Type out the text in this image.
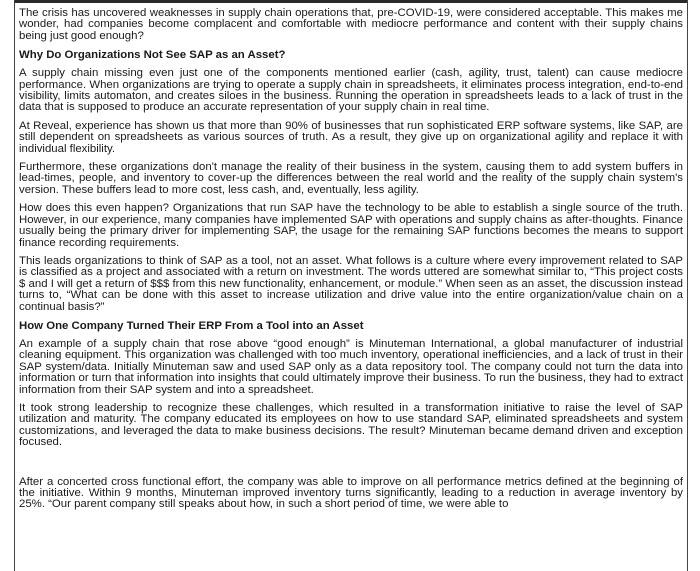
The crisis has uncovered weaknesses in supply chain operations that, pre-COVID-19, were considered acceptable. This makes me wonder, had companies become complacent and comfortable with mediocre performance and content with their supply chains being just good enough?

Why Do Organizations Not See SAP as an Asset?

A supply chain missing even just one of the components mentioned earlier (cash, agility, trust, talent) can cause mediocre performance. When organizations are trying to operate a supply chain in spreadsheets, it eliminates process integration, end-to-end visibility, limits automaton, and creates siloes in the business. Running the operation in spreadsheets leads to a lack of trust in the data that is supposed to produce an accurate representation of your supply chain in real time.

At Reveal, experience has shown us that more than 90% of businesses that run sophisticated ERP software systems, like SAP, are still dependent on spreadsheets as various sources of truth. As a result, they give up on organizational agility and replace it with individual flexibility.

Furthermore, these organizations don't manage the reality of their business in the system, causing them to add system buffers in lead-times, people, and inventory to cover-up the differences between the real world and the reality of the supply chain system's version. These buffers lead to more cost, less cash, and, eventually, less agility.

How does this even happen? Organizations that run SAP have the technology to be able to establish a single source of the truth. However, in our experience, many companies have implemented SAP with operations and supply chains as after-thoughts. Finance usually being the primary driver for implementing SAP, the usage for the remaining SAP functions becomes the means to support finance recording requirements.

This leads organizations to think of SAP as a tool, not an asset. What follows is a culture where every improvement related to SAP is classified as a project and associated with a return on investment. The words uttered are somewhat similar to, “This project costs $ and I will get a return of $$$ from this new functionality, enhancement, or module.” When seen as an asset, the discussion instead turns to, “What can be done with this asset to increase utilization and drive value into the entire organization/value chain on a continual basis?”

How One Company Turned Their ERP From a Tool into an Asset

An example of a supply chain that rose above “good enough” is Minuteman International, a global manufacturer of industrial cleaning equipment. This organization was challenged with too much inventory, operational inefficiencies, and a lack of trust in their SAP system/data. Initially Minuteman saw and used SAP only as a data repository tool. The company could not turn the data into information or turn that information into insights that could ultimately improve their business. To run the business, they had to extract information from their SAP system and into a spreadsheet.

It took strong leadership to recognize these challenges, which resulted in a transformation initiative to raise the level of SAP utilization and maturity. The company educated its employees on how to use standard SAP, eliminated spreadsheets and system customizations, and leveraged the data to make business decisions. The result? Minuteman became demand driven and exception focused.

After a concerted cross functional effort, the company was able to improve on all performance metrics defined at the beginning of the initiative. Within 9 months, Minuteman improved inventory turns significantly, leading to a reduction in average inventory by 25%. “Our parent company still speaks about how, in such a short period of time, we were able to
